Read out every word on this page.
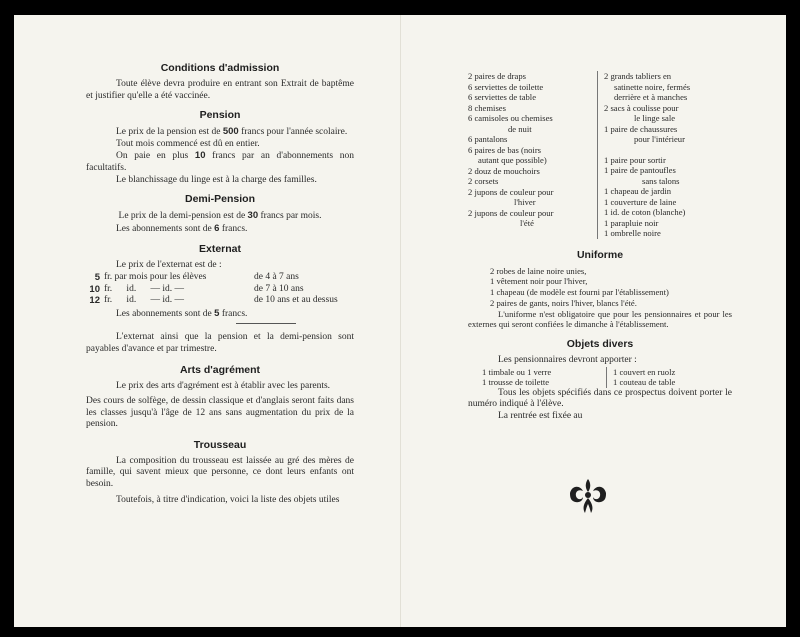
Conditions d'admission

Toute élève devra produire en entrant son Extrait de baptême et justifier qu'elle a été vaccinée.

Pension

Le prix de la pension est de 500 francs pour l'année scolaire.

Tout mois commencé est dû en entier.

On paie en plus 10 francs par an d'abonnements non facultatifs.

Le blanchissage du linge est à la charge des familles.

Demi-Pension

Le prix de la demi-pension est de 30 francs par mois.

Les abonnements sont de 6 francs.

Externat

Le prix de l'externat est de :

5 fr. par mois pour les élèves	de 4 à 7 ans
10 fr.      id.      — id. —	de 7 à 10 ans
12 fr.      id.      — id. —	de 10 ans et au dessus

Les abonnements sont de 5 francs.

L'externat ainsi que la pension et la demi-pension sont payables d'avance et par trimestre.

Arts d'agrément

Le prix des arts d'agrément est à établir avec les parents.

Des cours de solfège, de dessin classique et d'anglais seront faits dans les classes jusqu'à l'âge de 12 ans sans augmentation du prix de la pension.

Trousseau

La composition du trousseau est laissée au gré des mères de famille, qui savent mieux que personne, ce dont leurs enfants ont besoin.

Toutefois, à titre d'indication, voici la liste des objets utiles

2 paires de draps
6 serviettes de toilette
6 serviettes de table
8 chemises
6 camisoles ou chemises
de nuit
6 pantalons
6 paires de bas (noirs
autant que possible)
2 douz de mouchoirs
2 corsets
2 jupons de couleur pour
l'hiver
2 jupons de couleur pour
l'été
2 grands tabliers en
satinette noire, fermés
derrière et à manches
2 sacs à coulisse pour
le linge sale
1 paire de chaussures
pour l'intérieur
1 paire pour sortir
1 paire de pantoufles
sans talons
1 chapeau de jardin
1 couverture de laine
1 id. de coton (blanche)
1 parapluie noir
1 ombrelle noire
Uniforme
2 robes de laine noire unies,
1 vêtement noir pour l'hiver,
1 chapeau (de modèle est fourni par l'établissement)
2 paires de gants, noirs l'hiver, blancs l'été.

L'uniforme n'est obligatoire que pour les pensionnaires et pour les externes qui seront confiées le dimanche à l'établissement.

Objets divers

Les pensionnaires devront apporter :

1 timbale ou 1 verre
1 trousse de toilette
1 couvert en ruolz
1 couteau de table

Tous les objets spécifiés dans ce prospectus doivent porter le numéro indiqué à l'élève.

La rentrée est fixée au
